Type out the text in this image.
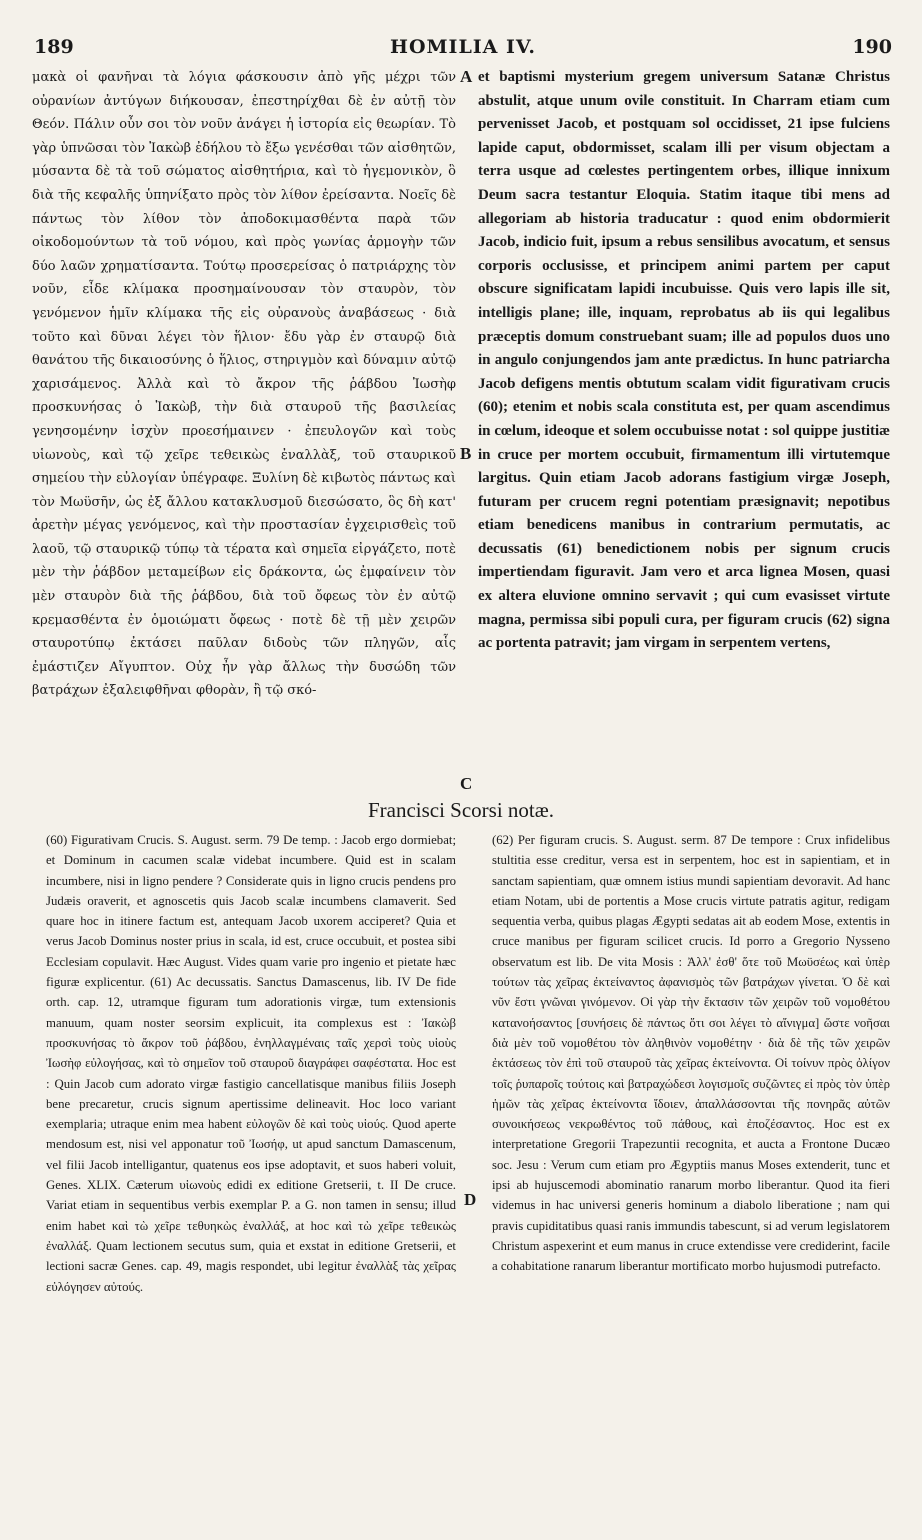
189	HOMILIA IV.	190

μακὰ οἱ φανῆναι τὰ λόγια φάσκουσιν ἀπὸ γῆς μέχρι τῶν οὐρανίων ἀντύγων διήκουσαν, ἐπεστηρίχθαι δὲ ἐν αὐτῇ τὸν Θεόν. Πάλιν οὖν σοι τὸν νοῦν ἀνάγει ἡ ἱστορία εἰς θεωρίαν. Τὸ γὰρ ὑπνῶσαι τὸν Ἰακὼβ ἐδήλου τὸ ἔξω γενέσθαι τῶν αἰσθητῶν, μύσαντα δὲ τὰ τοῦ σώματος αἰσθητήρια, καὶ τὸ ἡγεμονικὸν, ὃ διὰ τῆς κεφαλῆς ὑπηνίξατο πρὸς τὸν λίθον ἐρείσαντα. Νοεῖς δὲ πάντως τὸν λίθον τὸν ἀποδοκιμασθέντα παρὰ τῶν οἰκοδομούντων τὰ τοῦ νόμου, καὶ πρὸς γωνίας ἁρμογὴν τῶν δύο λαῶν χρηματίσαντα. Τούτῳ προσερείσας ὁ πατριάρχης τὸν νοῦν, εἶδε κλίμακα προσημαίνουσαν τὸν σταυρὸν, τὸν γενόμενον ἡμῖν κλίμακα τῆς εἰς οὐρανοὺς ἀναβάσεως · διὰ τοῦτο καὶ δῦναι λέγει τὸν ἥλιον· ἔδυ γὰρ ἐν σταυρῷ διὰ θανάτου τῆς δικαιοσύνης ὁ ἥλιος, στηριγμὸν καὶ δύναμιν αὐτῷ χαρισάμενος. Ἀλλὰ καὶ τὸ ἄκρον τῆς ῥάβδου Ἰωσὴφ προσκυνήσας ὁ Ἰακὼβ, τὴν διὰ σταυροῦ τῆς βασιλείας γενησομένην ἰσχὺν προεσήμαινεν · ἐπευλογῶν καὶ τοὺς υἱωνοὺς, καὶ τῷ χεῖρε τεθεικὼς ἐναλλὰξ, τοῦ σταυρικοῦ σημείου τὴν εὐλογίαν ὑπέγραφε. Ξυλίνη δὲ κιβωτὸς πάντως καὶ τὸν Μωϋσῆν, ὡς ἐξ ἄλλου κατακλυσμοῦ διεσώσατο, ὃς δὴ κατ' ἀρετὴν μέγας γενόμενος, καὶ τὴν προστασίαν ἐγχειρισθεὶς τοῦ λαοῦ, τῷ σταυρικῷ τύπῳ τὰ τέρατα καὶ σημεῖα εἰργάζετο, ποτὲ μὲν τὴν ῥάβδον μεταμείβων εἰς δράκοντα, ὡς ἐμφαίνειν τὸν μὲν σταυρὸν διὰ τῆς ῥάβδου, διὰ τοῦ ὄφεως τὸν ἐν αὐτῷ κρεμασθέντα ἐν ὁμοιώματι ὄφεως · ποτὲ δὲ τῇ μὲν χειρῶν σταυροτύπῳ ἐκτάσει παῦλαν διδοὺς τῶν πληγῶν, αἷς ἐμάστιζεν Αἴγυπτον. Οὐχ ἦν γὰρ ἄλλως τὴν δυσώδη τῶν βατράχων ἐξαλειφθῆναι φθορὰν, ἢ τῷ σκό-

et baptismi mysterium gregem universum Satanæ Christus abstulit, atque unum ovile constituit. In Charram etiam cum pervenisset Jacob, et postquam sol occidisset, 21 ipse fulciens lapide caput, obdormisset, scalam illi per visum objectam a terra usque ad cœlestes pertingentem orbes, illique innixum Deum sacra testantur Eloquia. Statim itaque tibi mens ad allegoriam ab historia traducatur : quod enim obdormierit Jacob, indicio fuit, ipsum a rebus sensilibus avocatum, et sensus corporis occlusisse, et principem animi partem per caput obscure significatam lapidi incubuisse. Quis vero lapis ille sit, intelligis plane; ille, inquam, reprobatus ab iis qui legalibus præceptis domum construebant suam; ille ad populos duos uno in angulo conjungendos jam ante prædictus. In hunc patriarcha Jacob defigens mentis obtutum scalam vidit figurativam crucis (60); etenim et nobis scala constituta est, per quam ascendimus in cœlum, ideoque et solem occubuisse notat : sol quippe justitiæ in cruce per mortem occubuit, firmamentum illi virtutemque largitus. Quin etiam Jacob adorans fastigium virgæ Joseph, futuram per crucem regni potentiam præsignavit; nepotibus etiam benedicens manibus in contrarium permutatis, ac decussatis (61) benedictionem nobis per signum crucis impertiendam figuravit. Jam vero et arca lignea Mosen, quasi ex altera eluvione omnino servavit ; qui cum evasisset virtute magna, permissa sibi populi cura, per figuram crucis (62) signa ac portenta patravit; jam virgam in serpentem vertens,

A
B
C
D
Francisci Scorsi notæ.

(60) Figurativam Crucis. S. August. serm. 79 De temp. : Jacob ergo dormiebat; et Dominum in cacumen scalæ videbat incumbere. Quid est in scalam incumbere, nisi in ligno pendere ? Considerate quis in ligno crucis pendens pro Judæis oraverit, et agnoscetis quis Jacob scalæ incumbens clamaverit. Sed quare hoc in itinere factum est, antequam Jacob uxorem acciperet? Quia et verus Jacob Dominus noster prius in scala, id est, cruce occubuit, et postea sibi Ecclesiam copulavit. Hæc August. Vides quam varie pro ingenio et pietate hæc figuræ explicentur. (61) Ac decussatis. Sanctus Damascenus, lib. IV De fide orth. cap. 12, utramque figuram tum adorationis virgæ, tum extensionis manuum, quam noster seorsim explicuit, ita complexus est : Ἰακὼβ προσκυνήσας τὸ ἄκρον τοῦ ῥάβδου, ἐνηλλαγμέναις ταῖς χερσὶ τοὺς υἱοὺς Ἰωσὴφ εὐλογήσας, καὶ τὸ σημεῖον τοῦ σταυροῦ διαγράφει σαφέστατα. Hoc est : Quin Jacob cum adorato virgæ fastigio cancellatisque manibus filiis Joseph bene precaretur, crucis signum apertissime delineavit. Hoc loco variant exemplaria; utraque enim mea habent εὐλογῶν δὲ καὶ τοὺς υἱούς. Quod aperte mendosum est, nisi vel apponatur τοῦ Ἰωσήφ, ut apud sanctum Damascenum, vel filii Jacob intelligantur, quatenus eos ipse adoptavit, et suos haberi voluit, Genes. XLIX. Cæterum υἱωνοὺς edidi ex editione Gretserii, t. II De cruce. Variat etiam in sequentibus verbis exemplar P. a G. non tamen in sensu; illud enim habet καὶ τὼ χεῖρε τεθυηκὼς ἐναλλάξ, at hoc καὶ τὼ χεῖρε τεθεικὼς ἐναλλάξ. Quam lectionem secutus sum, quia et exstat in editione Gretserii, et lectioni sacræ Genes. cap. 49, magis respondet, ubi legitur ἐναλλὰξ τὰς χεῖρας εὐλόγησεν αὐτούς.

(62) Per figuram crucis. S. August. serm. 87 De tempore : Crux infidelibus stultitia esse creditur, versa est in serpentem, hoc est in sapientiam, et in sanctam sapientiam, quæ omnem istius mundi sapientiam devoravit. Ad hanc etiam Notam, ubi de portentis a Mose crucis virtute patratis agitur, redigam sequentia verba, quibus plagas Ægypti sedatas ait ab eodem Mose, extentis in cruce manibus per figuram scilicet crucis. Id porro a Gregorio Nysseno observatum est lib. De vita Mosis : Ἀλλ' ἐσθ' ὅτε τοῦ Μωϋσέως καὶ ὑπὲρ τούτων τὰς χεῖρας ἐκτείναντος ἀφανισμὸς τῶν βατράχων γίνεται. Ὁ δὲ καὶ νῦν ἔστι γνῶναι γινόμενον. Οἱ γὰρ τὴν ἔκτασιν τῶν χειρῶν τοῦ νομοθέτου κατανοήσαντος [συνήσεις δὲ πάντως ὅτι σοι λέγει τὸ αἴνιγμα] ὥστε νοῆσαι διὰ μὲν τοῦ νομοθέτου τὸν ἀληθινὸν νομοθέτην · διὰ δὲ τῆς τῶν χειρῶν ἐκτάσεως τὸν ἐπὶ τοῦ σταυροῦ τὰς χεῖρας ἐκτείνοντα. Οἱ τοίνυν πρὸς ὀλίγον τοῖς ῥυπαροῖς τούτοις καὶ βατραχώδεσι λογισμοῖς συζῶντες εἰ πρὸς τὸν ὑπὲρ ἡμῶν τὰς χεῖρας ἐκτείνοντα ἴδοιεν, ἀπαλλάσσονται τῆς πονηρᾶς αὐτῶν συνοικήσεως νεκρωθέντος τοῦ πάθους, καὶ ἐποζέσαντος. Hoc est ex interpretatione Gregorii Trapezuntii recognita, et aucta a Frontone Ducæo soc. Jesu : Verum cum etiam pro Ægyptiis manus Moses extenderit, tunc et ipsi ab hujuscemodi abominatio ranarum morbo liberantur. Quod ita fieri videmus in hac universi generis hominum a diabolo liberatione ; nam qui pravis cupiditatibus quasi ranis immundis tabescunt, si ad verum legislatorem Christum aspexerint et eum manus in cruce extendisse vere crediderint, facile a cohabitatione ranarum liberantur mortificato morbo hujusmodi putrefacto.
